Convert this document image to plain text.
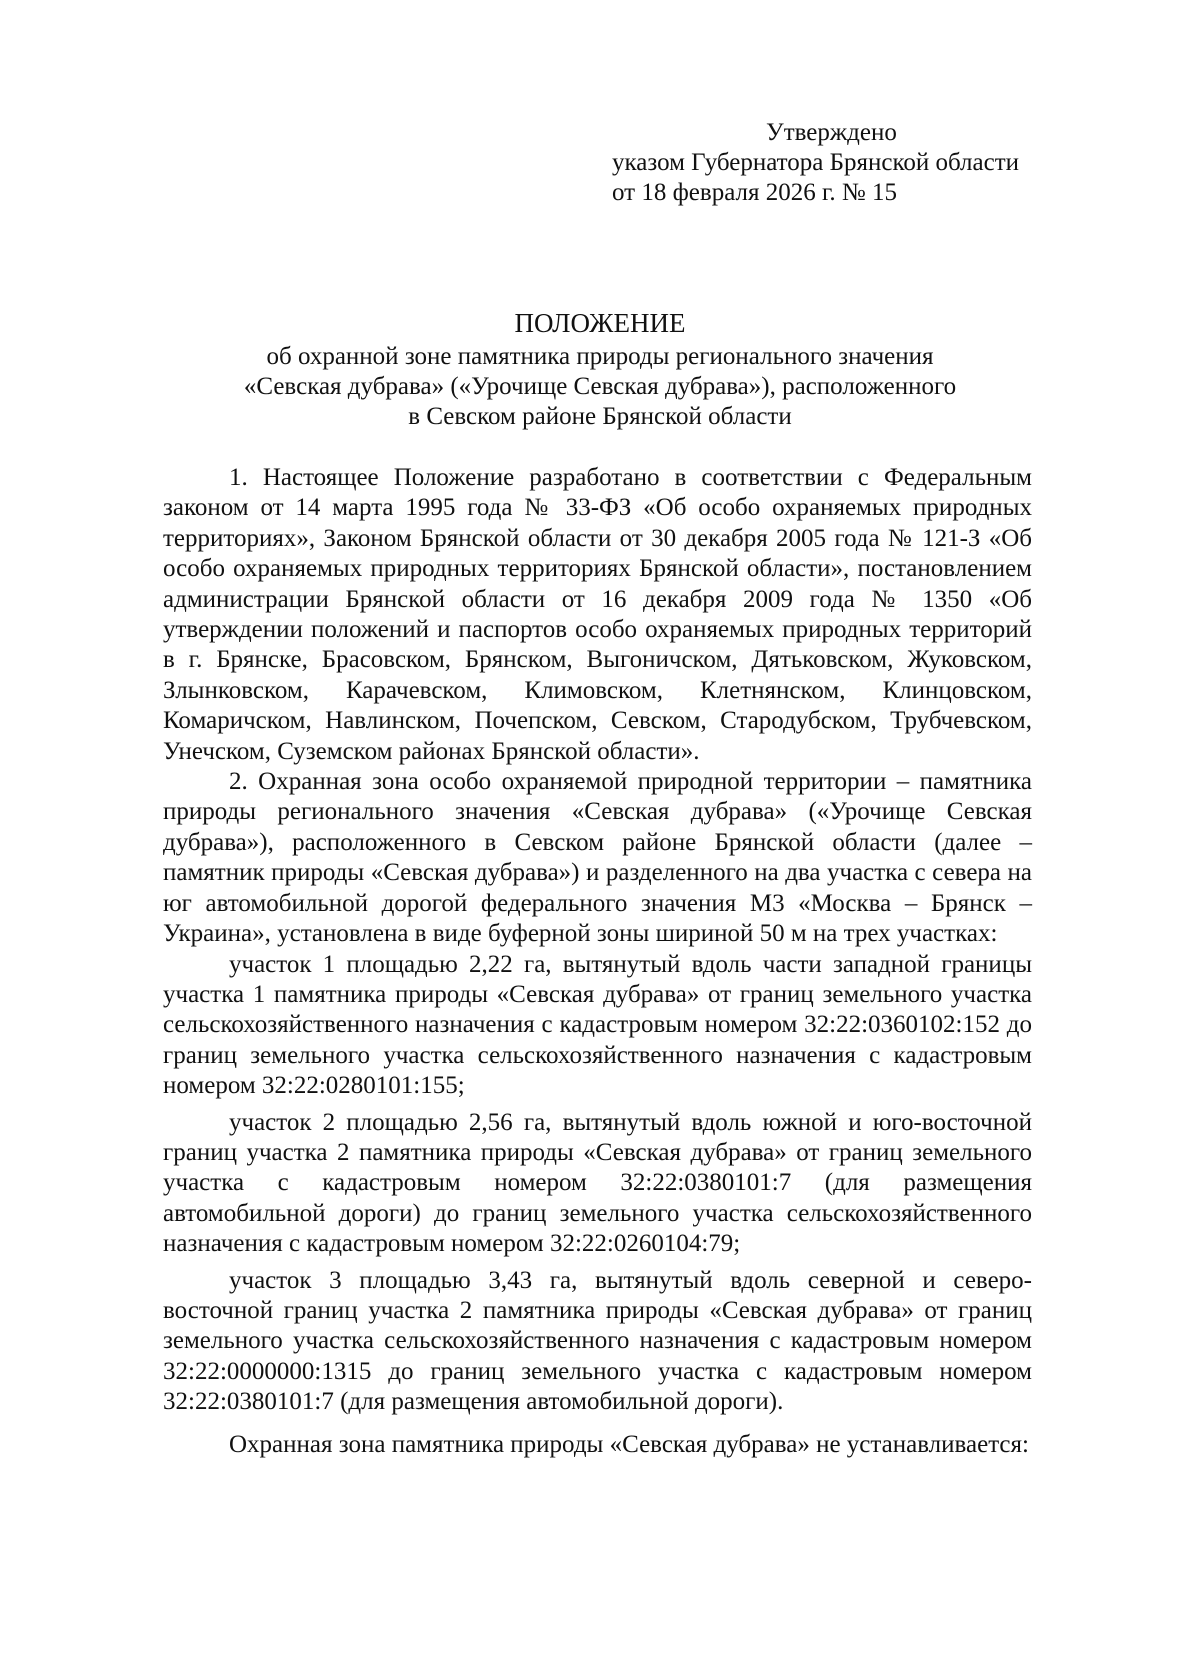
Утверждено
указом Губернатора Брянской области
от 18 февраля 2026 г. № 15
ПОЛОЖЕНИЕ
об охранной зоне памятника природы регионального значения
«Севская дубрава» («Урочище Севская дубрава»), расположенного
в Севском районе Брянской области

1. Настоящее Положение разработано в соответствии с Федеральным законом от 14 марта 1995 года № 33-ФЗ «Об особо охраняемых природных территориях», Законом Брянской области от 30 декабря 2005 года № 121-З «Об особо охраняемых природных территориях Брянской области», постановлением администрации Брянской области от 16 декабря 2009 года № 1350 «Об утверждении положений и паспортов особо охраняемых природных территорий в г. Брянске, Брасовском, Брянском, Выгоничском, Дятьковском, Жуковском, Злынковском, Карачевском, Климовском, Клетнянском, Клинцовском, Комаричском, Навлинском, Почепском, Севском, Стародубском, Трубчевском, Унечском, Суземском районах Брянской области».

2. Охранная зона особо охраняемой природной территории – памятника природы регионального значения «Севская дубрава» («Урочище Севская дубрава»), расположенного в Севском районе Брянской области (далее – памятник природы «Севская дубрава») и разделенного на два участка с севера на юг автомобильной дорогой федерального значения М3 «Москва – Брянск – Украина», установлена в виде буферной зоны шириной 50 м на трех участках:

участок 1 площадью 2,22 га, вытянутый вдоль части западной границы участка 1 памятника природы «Севская дубрава» от границ земельного участка сельскохозяйственного назначения с кадастровым номером 32:22:0360102:152 до границ земельного участка сельскохозяйственного назначения с кадастровым номером 32:22:0280101:155;

участок 2 площадью 2,56 га, вытянутый вдоль южной и юго-восточной границ участка 2 памятника природы «Севская дубрава» от границ земельного участка с кадастровым номером 32:22:0380101:7 (для размещения автомобильной дороги) до границ земельного участка сельскохозяйственного назначения с кадастровым номером 32:22:0260104:79;

участок 3 площадью 3,43 га, вытянутый вдоль северной и северо-восточной границ участка 2 памятника природы «Севская дубрава» от границ земельного участка сельскохозяйственного назначения с кадастровым номером 32:22:0000000:1315 до границ земельного участка с кадастровым номером 32:22:0380101:7 (для размещения автомобильной дороги).

Охранная зона памятника природы «Севская дубрава» не устанавливается:
